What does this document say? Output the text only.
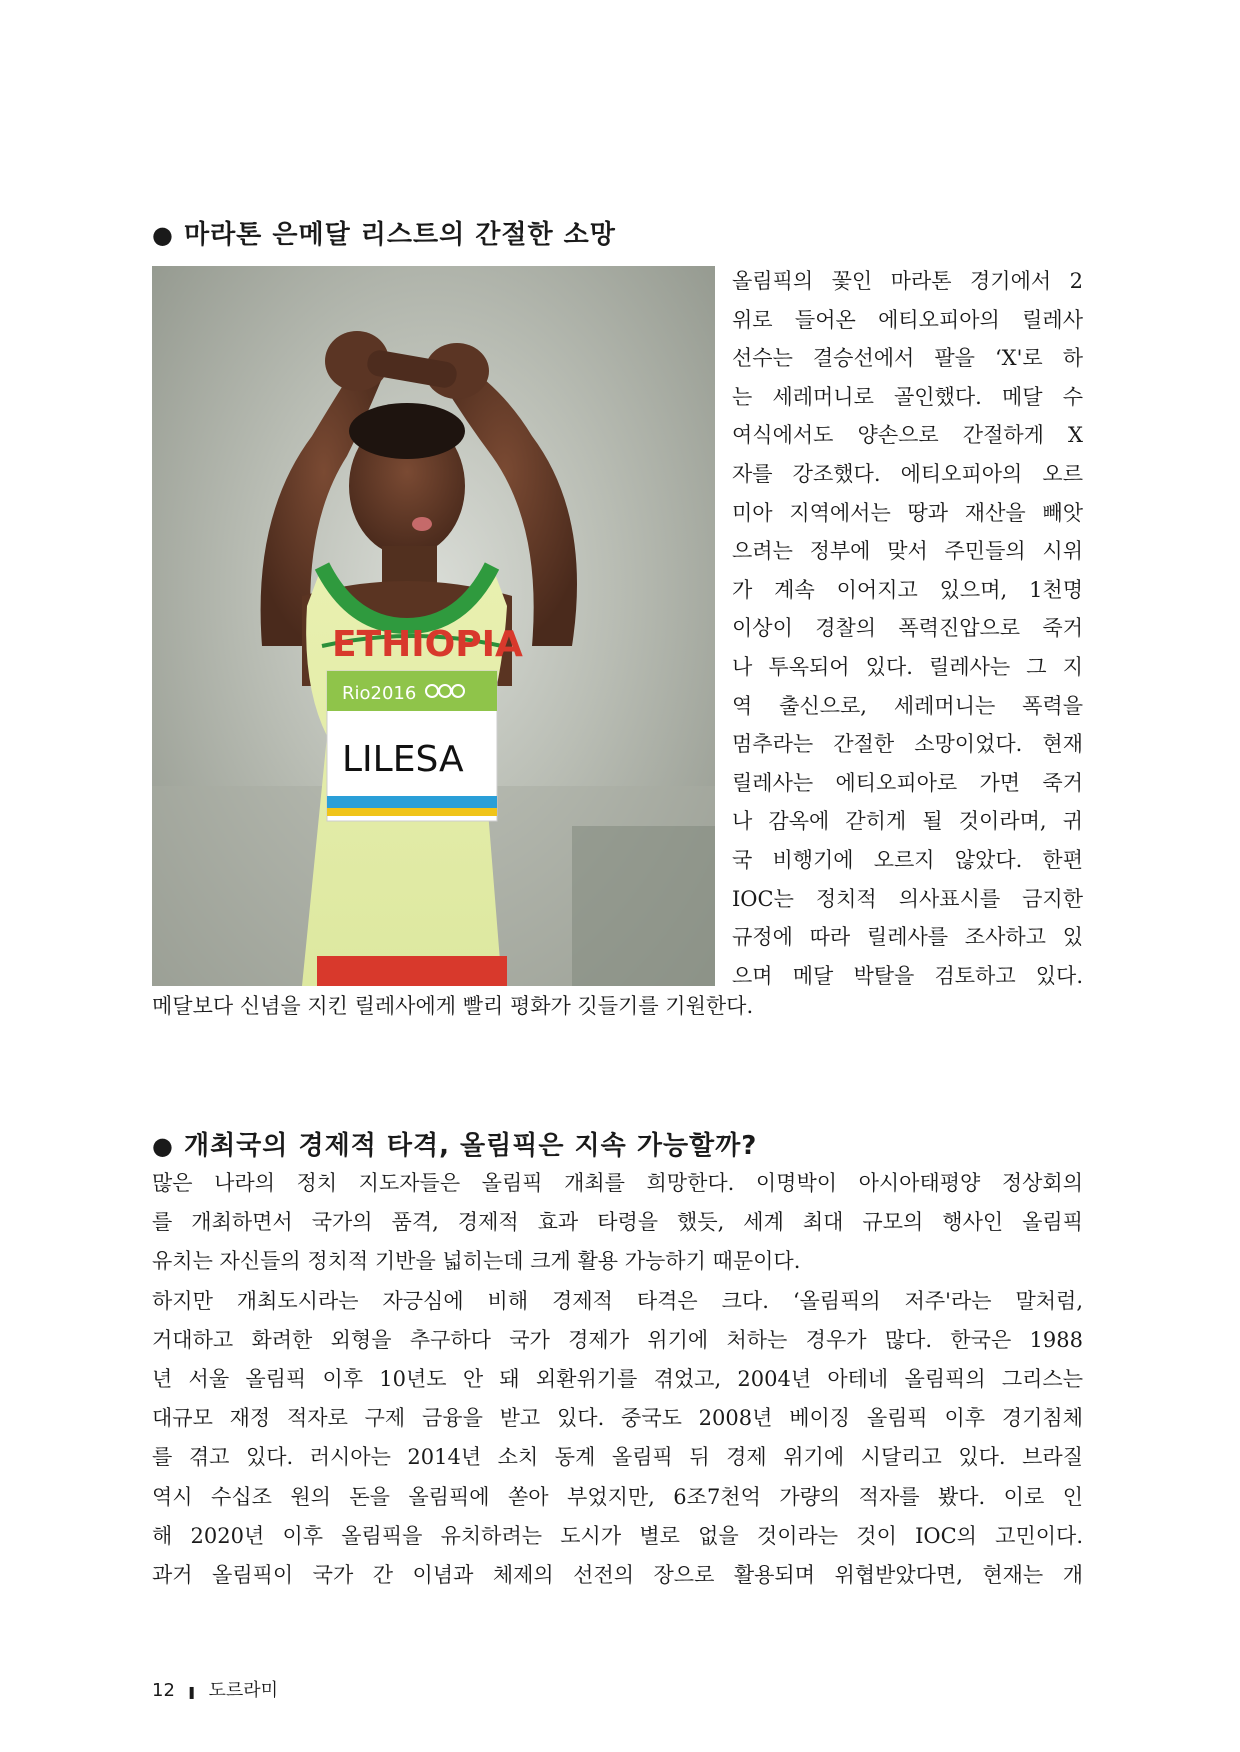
● 마라톤 은메달 리스트의 간절한 소망
ETHIOPIA
Rio2016
LILESA
올림픽의 꽃인 마라톤 경기에서 2
위로 들어온 에티오피아의 릴레사
선수는 결승선에서 팔을 ‘X'로 하
는 세레머니로 골인했다. 메달 수
여식에서도 양손으로 간절하게 X
자를 강조했다. 에티오피아의 오르
미아 지역에서는 땅과 재산을 빼앗
으려는 정부에 맞서 주민들의 시위
가 계속 이어지고 있으며, 1천명
이상이 경찰의 폭력진압으로 죽거
나 투옥되어 있다. 릴레사는 그 지
역 출신으로, 세레머니는 폭력을
멈추라는 간절한 소망이었다. 현재
릴레사는 에티오피아로 가면 죽거
나 감옥에 갇히게 될 것이라며, 귀
국 비행기에 오르지 않았다. 한편
IOC는 정치적 의사표시를 금지한
규정에 따라 릴레사를 조사하고 있
으며 메달 박탈을 검토하고 있다.
메달보다 신념을 지킨 릴레사에게 빨리 평화가 깃들기를 기원한다.
● 개최국의 경제적 타격, 올림픽은 지속 가능할까?
많은 나라의 정치 지도자들은 올림픽 개최를 희망한다. 이명박이 아시아태평양 정상회의
를 개최하면서 국가의 품격, 경제적 효과 타령을 했듯, 세계 최대 규모의 행사인 올림픽
유치는 자신들의 정치적 기반을 넓히는데 크게 활용 가능하기 때문이다.
하지만 개최도시라는 자긍심에 비해 경제적 타격은 크다. ‘올림픽의 저주'라는 말처럼,
거대하고 화려한 외형을 추구하다 국가 경제가 위기에 처하는 경우가 많다. 한국은 1988
년 서울 올림픽 이후 10년도 안 돼 외환위기를 겪었고, 2004년 아테네 올림픽의 그리스는
대규모 재정 적자로 구제 금융을 받고 있다. 중국도 2008년 베이징 올림픽 이후 경기침체
를 겪고 있다. 러시아는 2014년 소치 동계 올림픽 뒤 경제 위기에 시달리고 있다. 브라질
역시 수십조 원의 돈을 올림픽에 쏟아 부었지만, 6조7천억 가량의 적자를 봤다. 이로 인
해 2020년 이후 올림픽을 유치하려는 도시가 별로 없을 것이라는 것이 IOC의 고민이다.
과거 올림픽이 국가 간 이념과 체제의 선전의 장으로 활용되며 위협받았다면, 현재는 개
12 ❚ 도르라미
